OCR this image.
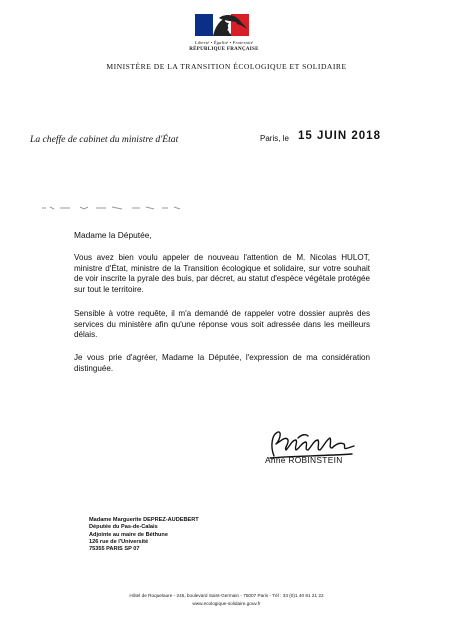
Liberté • Égalité • Fraternité
RÉPUBLIQUE FRANÇAISE
MINISTÈRE DE LA TRANSITION ÉCOLOGIQUE ET SOLIDAIRE
La cheffe de cabinet du ministre d'État	Paris, le 15 JUIN 2018
Madame la Députée,
Vous avez bien voulu appeler de nouveau l'attention de M. Nicolas HULOT, ministre d'État, ministre de la Transition écologique et solidaire, sur votre souhait de voir inscrite la pyrale des buis, par décret, au statut d'espèce végétale protégée sur tout le territoire.
Sensible à votre requête, il m'a demandé de rappeler votre dossier auprès des services du ministère afin qu'une réponse vous soit adressée dans les meilleurs délais.
Je vous prie d'agréer, Madame la Députée, l'expression de ma considération distinguée.
Anne ROBINSTEIN
Madame Marguerite DEPREZ-AUDEBERT
Députée du Pas-de-Calais
Adjointe au maire de Béthune
126 rue de l'Université
75355 PARIS SP 07
Hôtel de Roquelaure - 246, boulevard Saint-Germain - 75007 Paris - Tél : 33 (0)1 40 81 21 22
www.ecologique-solidaire.gouv.fr
